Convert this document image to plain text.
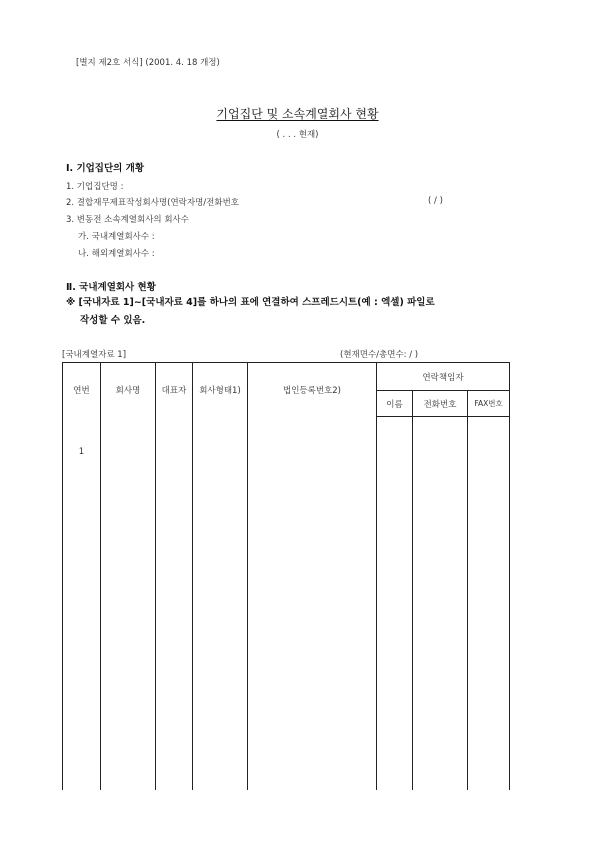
[별지 제2호 서식] (2001. 4. 18 개정)
기업집단 및 소속계열회사 현황
( . . . 현재)
Ⅰ. 기업집단의 개황
1. 기업집단명 :
2. 결합재무제표작성회사명(연락자명/전화번호	( / )
3. 변동전 소속계열회사의 회사수
가. 국내계열회사수 :
나. 해외계열회사수 :
Ⅱ. 국내계열회사 현황
※ [국내자료 1]~[국내자료 4]를 하나의 표에 연결하여 스프레드시트(예 : 엑셀) 파일로
작성할 수 있음.
[국내계열자료 1]	(현재면수/총면수: / )
연번	회사명	대표자	회사형태1)	법인등록번호2)	연락책임자		
					이름	전화번호	FAX번호

1							
